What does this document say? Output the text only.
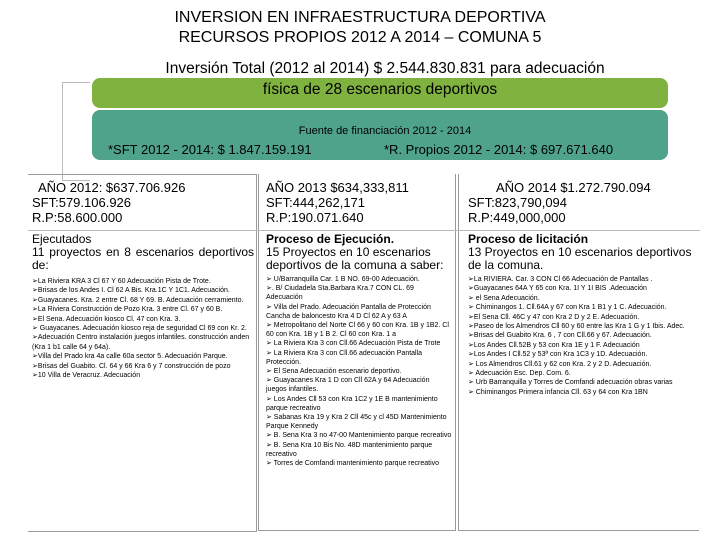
INVERSION EN INFRAESTRUCTURA DEPORTIVA
RECURSOS PROPIOS 2012 A 2014 – COMUNA 5
Inversión Total (2012 al 2014) $ 2.544.830.831 para adecuación
física de 28 escenarios deportivos
Fuente de financiación 2012 - 2014
*SFT 2012 - 2014: $ 1.847.159.191	*R. Propios 2012 - 2014: $ 697.671.640
AÑO 2012: $637.706.926
SFT:579.106.926
R.P:58.600.000
Ejecutados
11 proyectos en 8 escenarios deportivos de:
➢La Riviera KRA 3 Cl 67 Y 60 Adecuación Pista de Trote.
➢Brisas de los Andes I. Cl 62 A Bis. Kra.1C Y 1C1. Adecuación.
➢Guayacanes. Kra. 2 entre Cl. 68 Y 69. B. Adecuación cerramiento.
➢La Riviera Construcción de Pozo Kra. 3 entre Cl. 67 y 60 B.
➢El Sena. Adecuación kiosco Cl. 47 con Kra. 3.
➢ Guayacanes. Adecuación kiosco reja de seguridad Cl 69 con Kr. 2.
➢Adecuación Centro instalación juegos infantiles. construcción anden (Kra 1 b1 calle 64 y 64a).
➢Villa del Prado kra 4a calle 60a sector 5. Adecuación Parque.
➢Brisas del Guabito. Cl. 64 y 66 Kra 6 y 7 construcción de pozo
➢10 Villa de Veracruz. Adecuación
AÑO 2013 $634,333,811
SFT:444,262,171
R.P:190.071.640
Proceso de Ejecución.
15 Proyectos en 10 escenarios deportivos de la comuna a saber:
➢ U/Barranquilla Car. 1 B NO. 69-00 Adecuación.
➢. B/ Ciudadela Sta.Barbara Kra.7 CON CL. 69 Adecuación
➢ Villa del Prado. Adecuación Pantalla de Protección Cancha de baloncesto Kra 4 D Cl 62 A y 63 A
➢ Metropolitano del Norte Cl 66 y 60 con Kra. 1B y 1B2. Cl 60 con Kra. 1B y 1 B 2. Cl 60 con Kra. 1 a
➢ La Riviera Kra 3 con Cll.66 Adecuación Pista de Trote
➢ La Riviera Kra 3 con Cll.66 adecuación Pantalla Protección.
➢ El Sena Adecuación escenario deportivo.
➢ Guayacanes Kra 1 D con Cll 62A y 64 Adecuación juegos infantiles.
➢ Los Andes Cll 53 con Kra 1C2 y 1E B mantenimiento parque recreativo
➢ Sabanas Kra 19 y Kra 2 Cll 45c y cl 45D Mantenimiento Parque Kennedy
➢ B. Sena Kra 3 no 47-00 Mantenimiento parque recreativo
➢ B. Sena Kra 10 Bis No. 48D mantenimiento parque recreativo
➢ Torres de Comfandi mantenimiento parque recreativo
AÑO 2014 $1.272.790.094
SFT:823,790,094
R.P:449,000,000
Proceso de licitación
13 Proyectos en 10 escenarios deportivos de la comuna.
➢La RIVIERA. Car. 3 CON Cl 66 Adecuación de Pantallas .
➢Guayacanes 64A Y 65 con Kra. 1I Y 1I BIS .Adecuación
➢ el Sena Adecuación.
➢ Chiminangos 1. Cll.64A y 67 con Kra 1 B1 y 1 C. Adecuación.
➢El Sena Cll. 46C y 47 con Kra 2 D y 2 E. Adecuación.
➢Paseo de los Almendros Cll 60 y 60 entre las Kra 1 G y 1 Ibis. Adec.
➢Brisas del Guabito Kra. 6 , 7 con Cll.66 y 67. Adecuación.
➢Los Andes Cll.52B y 53 con Kra 1E y 1 F. Adecuación
➢Los Andes I Cll.52 y 53ª con Kra 1C3 y 1D. Adecuación.
➢ Los Almendros Cll.61 y 62 con Kra. 2 y 2 D. Adecuación.
➢ Adecuación Esc. Dep. Com. 6.
➢ Urb Barranquilla y Torres de Comfandi adecuación obras varias
➢ Chiminangos Primera infancia Cll. 63 y 64 con Kra 1BN
